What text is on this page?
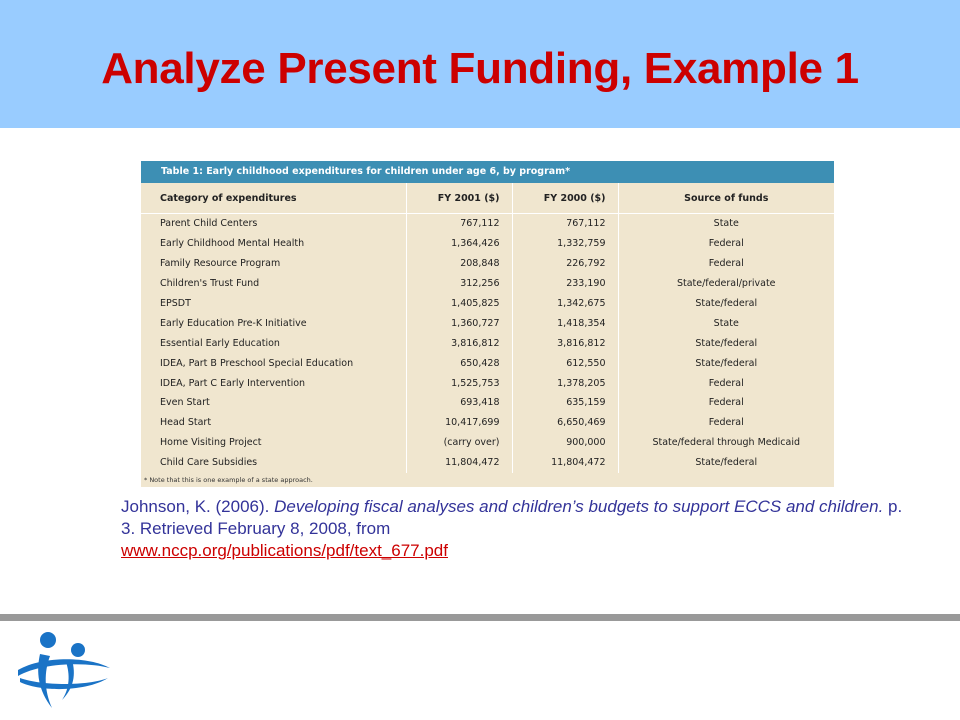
Analyze Present Funding, Example 1
Table 1: Early childhood expenditures for children under age 6, by program*
Category of expenditures	FY 2001 ($)	FY 2000 ($)	Source of funds
Parent Child Centers	767,112	767,112	State
Early Childhood Mental Health	1,364,426	1,332,759	Federal
Family Resource Program	208,848	226,792	Federal
Children's Trust Fund	312,256	233,190	State/federal/private
EPSDT	1,405,825	1,342,675	State/federal
Early Education Pre-K Initiative	1,360,727	1,418,354	State
Essential Early Education	3,816,812	3,816,812	State/federal
IDEA, Part B Preschool Special Education	650,428	612,550	State/federal
IDEA, Part C Early Intervention	1,525,753	1,378,205	Federal
Even Start	693,418	635,159	Federal
Head Start	10,417,699	6,650,469	Federal
Home Visiting Project	(carry over)	900,000	State/federal through Medicaid
Child Care Subsidies	11,804,472	11,804,472	State/federal
* Note that this is one example of a state approach.
Johnson, K. (2006). Developing fiscal analyses and children’s budgets to support ECCS and children. p. 3. Retrieved February 8, 2008, from
www.nccp.org/publications/pdf/text_677.pdf
